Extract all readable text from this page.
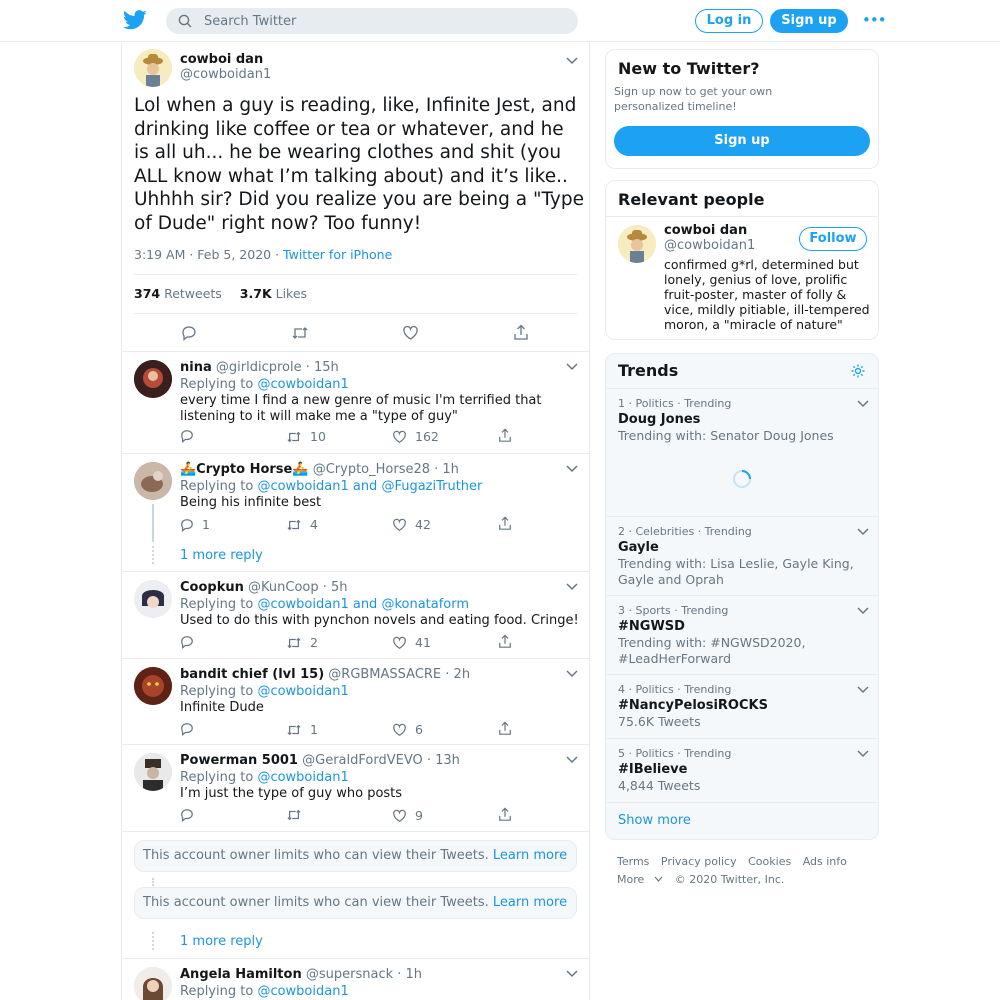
Search Twitter
Log in	Sign up	•••
cowboi dan
@cowboidan1
Lol when a guy is reading, like, Infinite Jest, and drinking like coffee or tea or whatever, and he is all uh... he be wearing clothes and shit (you ALL know what I’m talking about) and it’s like.. Uhhhh sir? Did you realize you are being a "Type of Dude" right now? Too funny!
3:19 AM · Feb 5, 2020 · Twitter for iPhone
374 Retweets 3.7K Likes
nina @girldicprole · 15h
Replying to @cowboidan1
every time I find a new genre of music I'm terrified that listening to it will make me a "type of guy"
10	162
🚣Crypto Horse🚣 @Crypto_Horse28 · 1h
Replying to @cowboidan1 and @FugaziTruther
Being his infinite best
1	4	42
1 more reply
Coopkun @KunCoop · 5h
Replying to @cowboidan1 and @konataform
Used to do this with pynchon novels and eating food. Cringe!
2	41
bandit chief (lvl 15) @RGBMASSACRE · 2h
Replying to @cowboidan1
Infinite Dude
1	6
Powerman 5001 @GeraldFordVEVO · 13h
Replying to @cowboidan1
I’m just the type of guy who posts
9
This account owner limits who can view their Tweets. Learn more
This account owner limits who can view their Tweets. Learn more
1 more reply
Angela Hamilton @supersnack · 1h
Replying to @cowboidan1
New to Twitter?
Sign up now to get your own personalized timeline!
Sign up
Relevant people
cowboi dan
@cowboidan1	Follow
confirmed g*rl, determined but lonely, genius of love, prolific fruit-poster, master of folly & vice, mildly pitiable, ill-tempered moron, a "miracle of nature"
Trends
1 · Politics · Trending
Doug Jones
Trending with: Senator Doug Jones
2 · Celebrities · Trending
Gayle
Trending with: Lisa Leslie, Gayle King, Gayle and Oprah
3 · Sports · Trending
#NGWSD
Trending with: #NGWSD2020, #LeadHerForward
4 · Politics · Trending
#NancyPelosiROCKS
75.6K Tweets
5 · Politics · Trending
#IBelieve
4,844 Tweets
Show more
Terms Privacy policy Cookies Ads info
More	© 2020 Twitter, Inc.
